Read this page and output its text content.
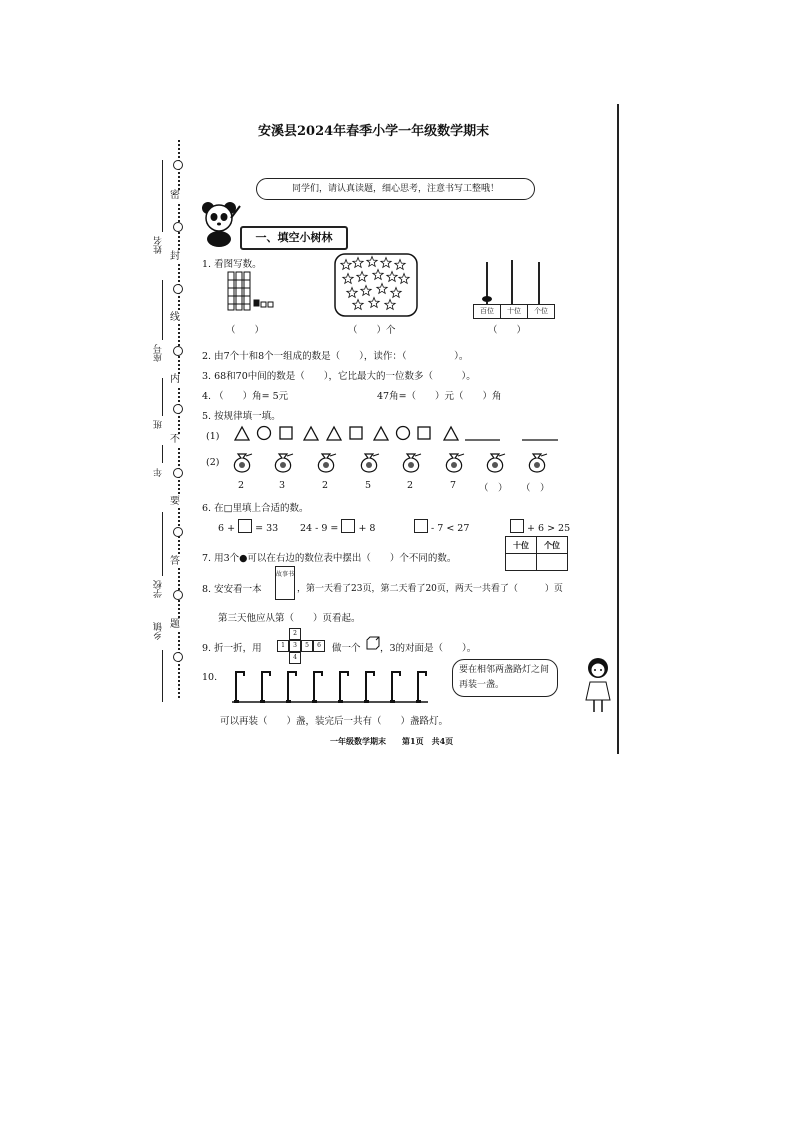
密
封
线
内
不
要
答
题
姓名
座号
班
年
学校
乡镇
安溪县2024年春季小学一年级数学期末
同学们，请认真读题，细心思考，注意书写工整哦！
一、填空小树林
1. 看图写数。
（　　）	（　　）个
百位	十位	个位
（　　）
2. 由7个十和8个一组成的数是（　　），读作：（　　　　　）。
3. 68和70中间的数是（　　），它比最大的一位数多（　　　）。
4. （　　）角= 5元	47角=（　　）元（　　）角
5. 按规律填一填。
(1)
(2)
2	3	2	5	2	7 （　） （　）
6. 在□里填上合适的数。
6 + = 33 24 - 9 = + 8	- 7 < 27	+ 6 > 25
7. 用3个●可以在右边的数位表中摆出（　　）个不同的数。
十位	个位

8. 安安看一本
故事书
，第一天看了23页，第二天看了20页，两天一共看了（　　　）页
第三天他应从第（　　）页看起。
9. 折一折，用
2
1	3	5	6
4
做一个 ，3的对面是（　　）。
10.
要在相邻两盏路灯之间再装一盏。
可以再装（　　）盏，装完后一共有（　　）盏路灯。
一年级数学期末　　第1页　共4页
